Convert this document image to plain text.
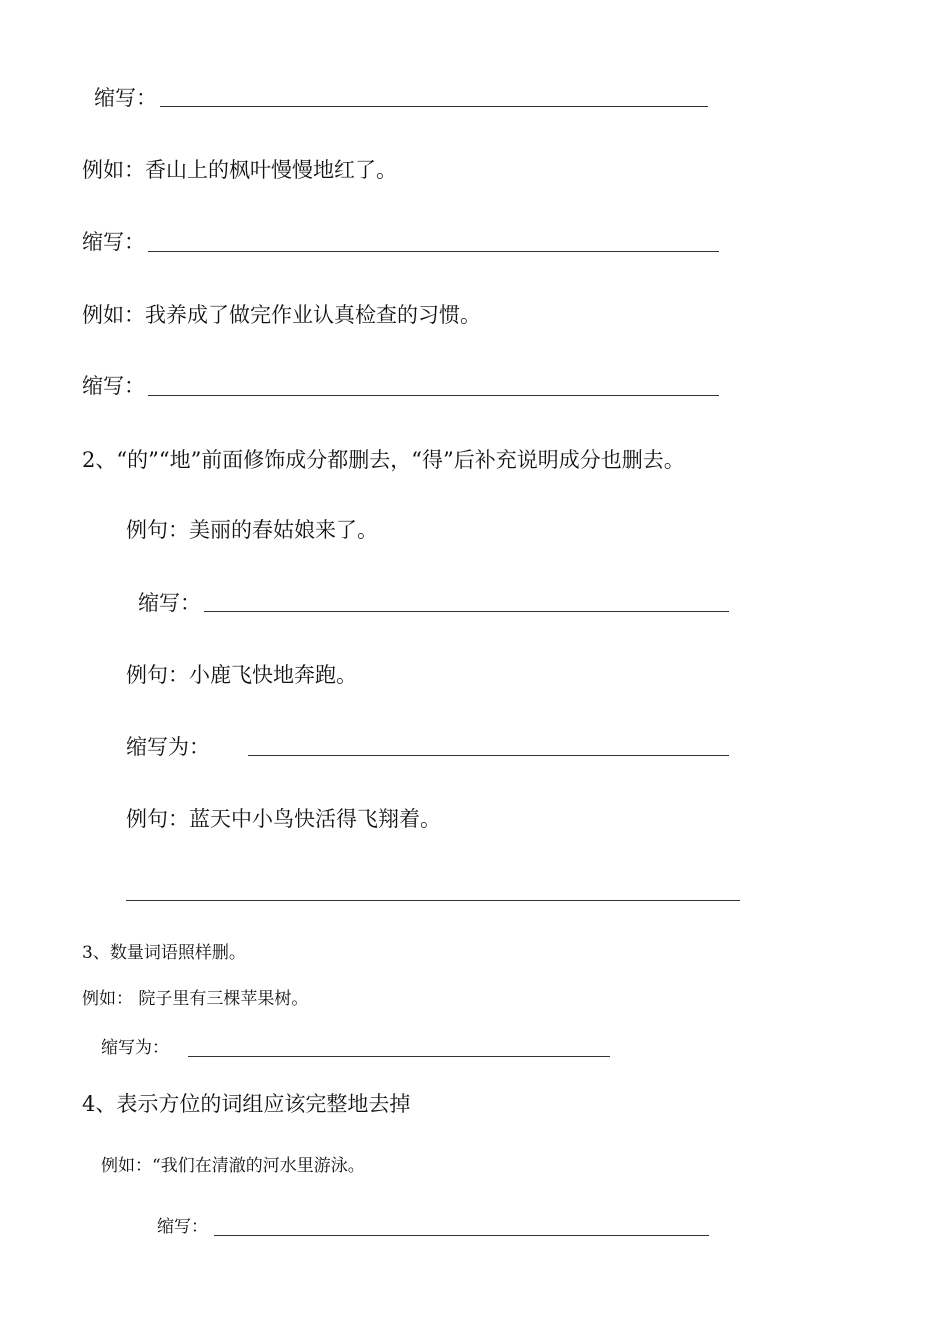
缩写：
例如：香山上的枫叶慢慢地红了。
缩写：
例如：我养成了做完作业认真检查的习惯。
缩写：
2、“的”“地”前面修饰成分都删去，“得”后补充说明成分也删去。
例句：美丽的春姑娘来了。
缩写：
例句：小鹿飞快地奔跑。
缩写为：
例句：蓝天中小鸟快活得飞翔着。
3、数量词语照样删。
例如： 院子里有三棵苹果树。
缩写为：
4、表示方位的词组应该完整地去掉
例如：“我们在清澈的河水里游泳。
缩写：
